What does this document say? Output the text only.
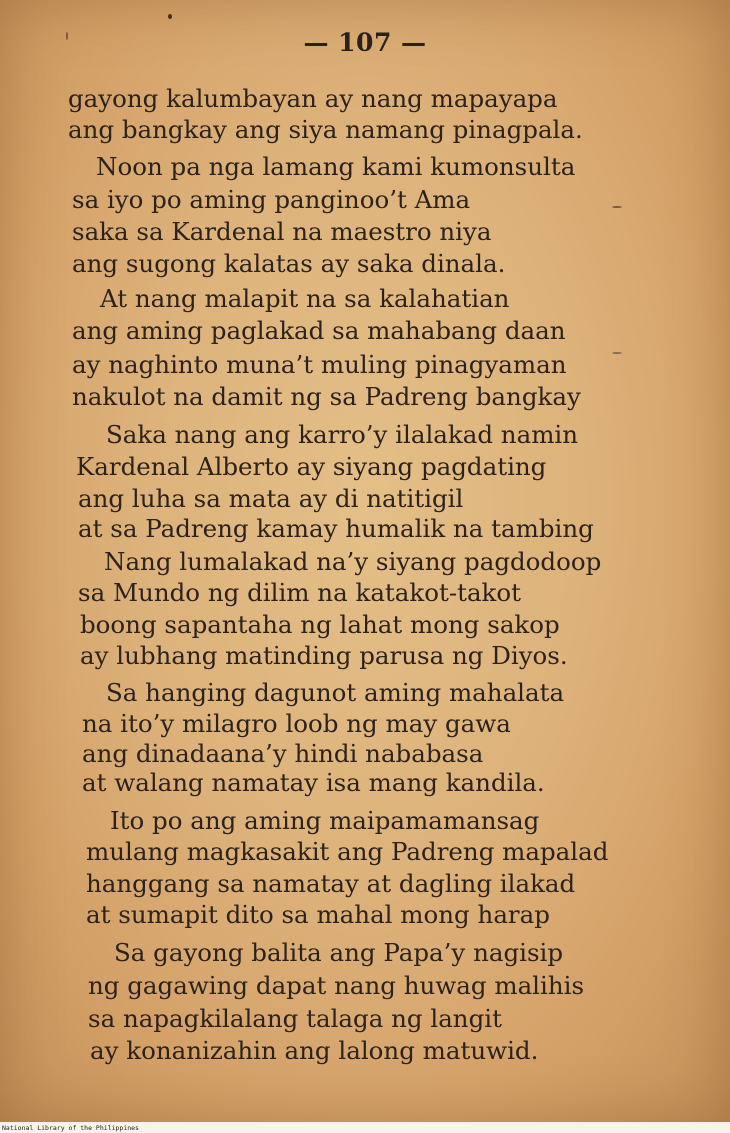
— 107 —
gayong kalumbayan ay nang mapayapa
ang bangkay ang siya namang pinagpala.
Noon pa nga lamang kami kumonsulta
sa iyo po aming panginoo’t Ama
saka sa Kardenal na maestro niya
ang sugong kalatas ay saka dinala.
At nang malapit na sa kalahatian
ang aming paglakad sa mahabang daan
ay naghinto muna’t muling pinagyaman
nakulot na damit ng sa Padreng bangkay
Saka nang ang karro’y ilalakad namin
Kardenal Alberto ay siyang pagdating
ang luha sa mata ay di natitigil
at sa Padreng kamay humalik na tambing
Nang lumalakad na’y siyang pagdodoop
sa Mundo ng dilim na katakot-takot
boong sapantaha ng lahat mong sakop
ay lubhang matinding parusa ng Diyos.
Sa hanging dagunot aming mahalata
na ito’y milagro loob ng may gawa
ang dinadaana’y hindi nababasa
at walang namatay isa mang kandila.
Ito po ang aming maipamamansag
mulang magkasakit ang Padreng mapalad
hanggang sa namatay at dagling ilakad
at sumapit dito sa mahal mong harap
Sa gayong balita ang Papa’y nagisip
ng gagawing dapat nang huwag malihis
sa napagkilalang talaga ng langit
ay konanizahin ang lalong matuwid.
National Library of the Philippines
